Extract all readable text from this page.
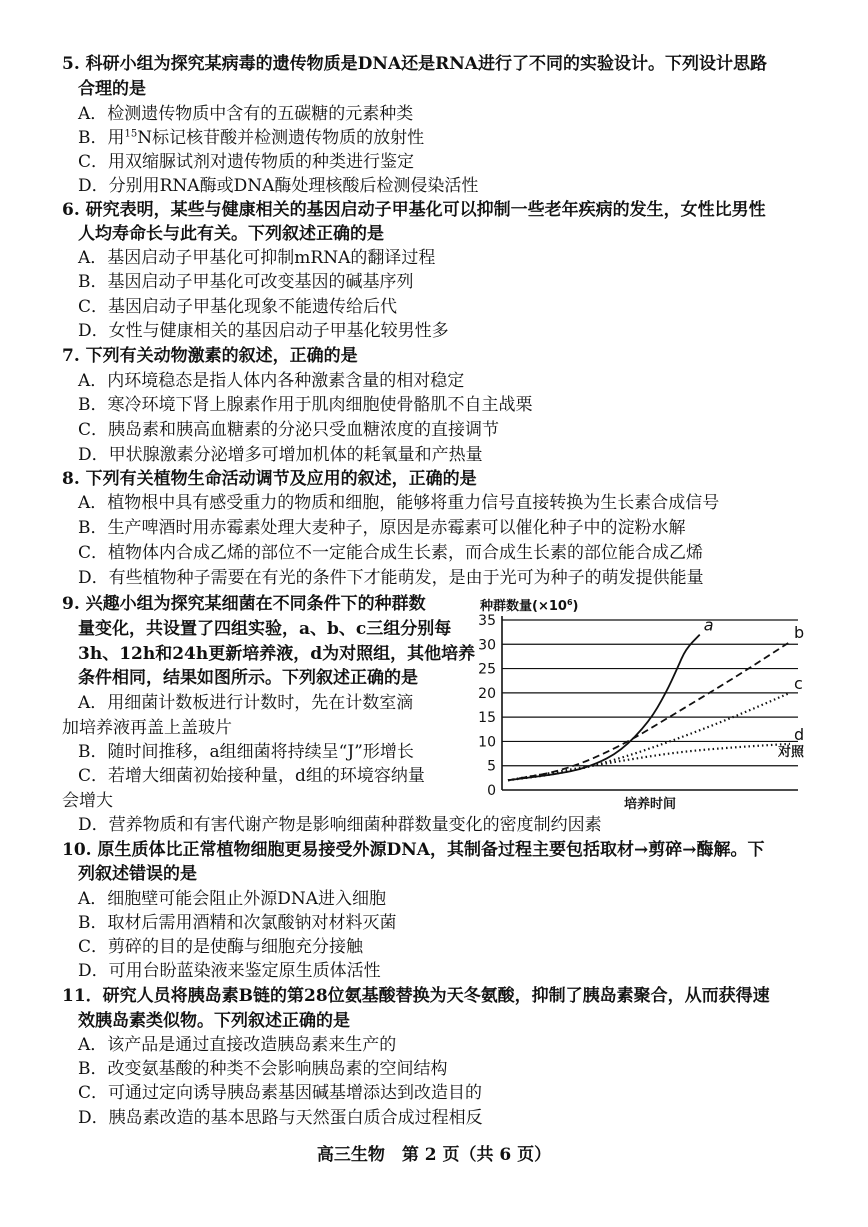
5. 科研小组为探究某病毒的遗传物质是DNA还是RNA进行了不同的实验设计。下列设计思路
合理的是
A．检测遗传物质中含有的五碳糖的元素种类
B．用$^{15}$N标记核苷酸并检测遗传物质的放射性
C．用双缩脲试剂对遗传物质的种类进行鉴定
D．分别用RNA酶或DNA酶处理核酸后检测侵染活性
6. 研究表明，某些与健康相关的基因启动子甲基化可以抑制一些老年疾病的发生，女性比男性
人均寿命长与此有关。下列叙述正确的是
A．基因启动子甲基化可抑制mRNA的翻译过程
B．基因启动子甲基化可改变基因的碱基序列
C．基因启动子甲基化现象不能遗传给后代
D．女性与健康相关的基因启动子甲基化较男性多
7. 下列有关动物激素的叙述，正确的是
A．内环境稳态是指人体内各种激素含量的相对稳定
B．寒冷环境下肾上腺素作用于肌肉细胞使骨骼肌不自主战栗
C．胰岛素和胰高血糖素的分泌只受血糖浓度的直接调节
D．甲状腺激素分泌增多可增加机体的耗氧量和产热量
8. 下列有关植物生命活动调节及应用的叙述，正确的是
A．植物根中具有感受重力的物质和细胞，能够将重力信号直接转换为生长素合成信号
B．生产啤酒时用赤霉素处理大麦种子，原因是赤霉素可以催化种子中的淀粉水解
C．植物体内合成乙烯的部位不一定能合成生长素，而合成生长素的部位能合成乙烯
D．有些植物种子需要在有光的条件下才能萌发，是由于光可为种子的萌发提供能量
9. 兴趣小组为探究某细菌在不同条件下的种群数
量变化，共设置了四组实验，a、b、c三组分别每
3h、12h和24h更新培养液，d为对照组，其他培养
条件相同，结果如图所示。下列叙述正确的是
A．用细菌计数板进行计数时，先在计数室滴
加培养液再盖上盖玻片
B．随时间推移，a组细菌将持续呈“J”形增长
C．若增大细菌初始接种量，d组的环境容纳量
会增大
D．营养物质和有害代谢产物是影响细菌种群数量变化的密度制约因素
0
5
10
15
20
25
30
35	a	b
c
d
种群数量$(\times 10^6)$
培养时间
对照
10. 原生质体比正常植物细胞更易接受外源DNA，其制备过程主要包括取材→剪碎→酶解。下
列叙述错误的是
A．细胞壁可能会阻止外源DNA进入细胞
B．取材后需用酒精和次氯酸钠对材料灭菌
C．剪碎的目的是使酶与细胞充分接触
D．可用台盼蓝染液来鉴定原生质体活性
11．研究人员将胰岛素B链的第28位氨基酸替换为天冬氨酸，抑制了胰岛素聚合，从而获得速
效胰岛素类似物。下列叙述正确的是
A．该产品是通过直接改造胰岛素来生产的
B．改变氨基酸的种类不会影响胰岛素的空间结构
C．可通过定向诱导胰岛素基因碱基增添达到改造目的
D．胰岛素改造的基本思路与天然蛋白质合成过程相反
高三生物　第 2 页（共 6 页）
